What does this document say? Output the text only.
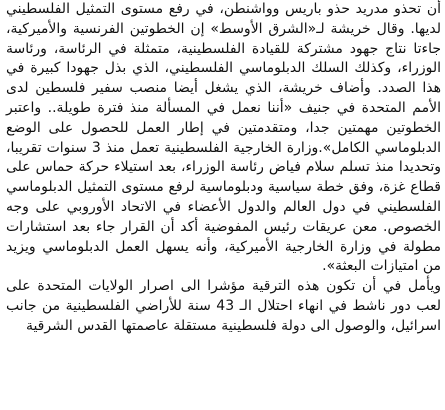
أن تحذو مدريد حذو باريس وواشنطن، في رفع مستوى التمثيل الفلسطيني لديها. وقال خريشة لـ«الشرق الأوسط» إن الخطوتين الفرنسية والأميركية، جاءتا نتاج جهود مشتركة للقيادة الفلسطينية، متمثلة في الرئاسة، ورئاسة الوزراء، وكذلك السلك الدبلوماسي الفلسطيني، الذي بذل جهودا كبيرة في هذا الصدد. وأضاف خريشة، الذي يشغل أيضا منصب سفير فلسطين لدى الأمم المتحدة في جنيف «أننا نعمل في المسألة منذ فترة طويلة.. واعتبر الخطوتين مهمتين جدا، ومتقدمتين في إطار العمل للحصول على الوضع الدبلوماسي الكامل».وزارة الخارجية الفلسطينية تعمل منذ 3 سنوات تقريبا، وتحديدا منذ تسلم سلام فياض رئاسة الوزراء، بعد استيلاء حركة حماس على قطاع غزة، وفق خطة سياسية ودبلوماسية لرفع مستوى التمثيل الدبلوماسي الفلسطيني في دول العالم والدول الأعضاء في الاتحاد الأوروبي على وجه الخصوص. معن عريقات رئيس المفوضية أكد أن القرار جاء بعد استشارات مطولة في وزارة الخارجية الأميركية، وأنه يسهل العمل الدبلوماسي ويزيد من امتيازات البعثة».

ويأمل في أن تكون هذه الترقية مؤشرا الى اصرار الولايات المتحدة على لعب دور ناشط في انهاء احتلال الـ 43 سنة للأراضي الفلسطينية من جانب اسرائيل، والوصول الى دولة فلسطينية مستقلة عاصمتها القدس الشرقية
